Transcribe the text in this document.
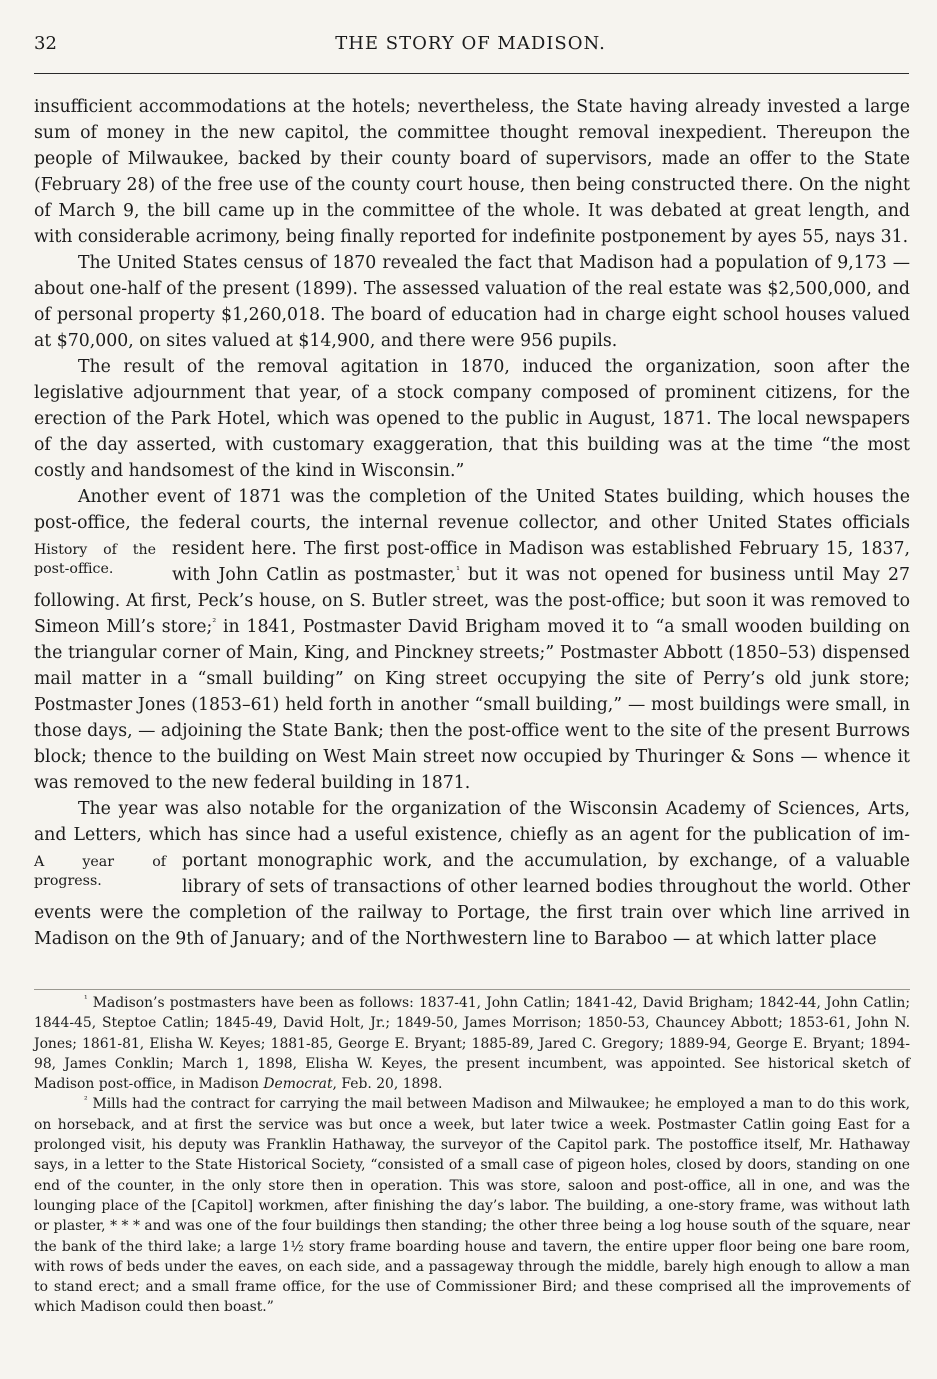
32	THE STORY OF MADISON.

insufficient accommodations at the hotels; nevertheless, the State having already invested a large sum of money in the new capitol, the committee thought removal inexpedient. Thereupon the people of Milwaukee, backed by their county board of supervisors, made an offer to the State (February 28) of the free use of the county court house, then being constructed there. On the night of March 9, the bill came up in the committee of the whole. It was debated at great length, and with considerable acrimony, being finally reported for indefinite postponement by ayes 55, nays 31.

The United States census of 1870 revealed the fact that Madison had a population of 9,173 — about one-half of the present (1899). The assessed valuation of the real estate was $2,500,000, and of personal property $1,260,018. The board of education had in charge eight school houses valued at $70,000, on sites valued at $14,900, and there were 956 pupils.

The result of the removal agitation in 1870, induced the organization, soon after the legislative adjournment that year, of a stock company composed of prominent citizens, for the erection of the Park Hotel, which was opened to the public in August, 1871. The local newspapers of the day asserted, with customary exaggeration, that this building was at the time “the most costly and handsomest of the kind in Wisconsin.”

Another event of 1871 was the completion of the United States building, which houses the post-office, the federal courts, the internal revenue collector, and other United States officials
History of the post-office.
resident here. The first post-office in Madison was established February 15, 1837, with John Catlin as postmaster,$^{^1}$ but it was not opened for business until May 27 following. At first, Peck’s house, on S. Butler street, was the post-office; but soon it was removed to Simeon Mill’s store;$^{^2}$ in 1841, Postmaster David Brigham moved it to “a small wooden building on the triangular corner of Main, King, and Pinckney streets;” Postmaster Abbott (1850–53) dispensed mail matter in a “small building” on King street occupying the site of Perry’s old junk store; Postmaster Jones (1853–61) held forth in another “small building,” — most buildings were small, in those days, — adjoining the State Bank; then the post-office went to the site of the present Burrows block; thence to the building on West Main street now occupied by Thuringer & Sons — whence it was removed to the new federal building in 1871.

The year was also notable for the organization of the Wisconsin Academy of Sciences, Arts, and Letters, which has since had a useful existence, chiefly as an agent for the publication of im-
A year of progress.
portant monographic work, and the accumulation, by exchange, of a valuable library of sets of transactions of other learned bodies throughout the world. Other events were the completion of the railway to Portage, the first train over which line arrived in Madison on the 9th of January; and of the Northwestern line to Baraboo — at which latter place

$^{^1}$ Madison’s postmasters have been as follows: 1837-41, John Catlin; 1841-42, David Brigham; 1842-44, John Catlin; 1844-45, Steptoe Catlin; 1845-49, David Holt, Jr.; 1849-50, James Morrison; 1850-53, Chauncey Abbott; 1853-61, John N. Jones; 1861-81, Elisha W. Keyes; 1881-85, George E. Bryant; 1885-89, Jared C. Gregory; 1889-94, George E. Bryant; 1894-98, James Conklin; March 1, 1898, Elisha W. Keyes, the present incumbent, was appointed. See historical sketch of Madison post-office, in Madison Democrat, Feb. 20, 1898.

$^{^2}$ Mills had the contract for carrying the mail between Madison and Milwaukee; he employed a man to do this work, on horseback, and at first the service was but once a week, but later twice a week. Postmaster Catlin going East for a prolonged visit, his deputy was Franklin Hathaway, the surveyor of the Capitol park. The postoffice itself, Mr. Hathaway says, in a letter to the State Historical Society, “consisted of a small case of pigeon holes, closed by doors, standing on one end of the counter, in the only store then in operation. This was store, saloon and post-office, all in one, and was the lounging place of the [Capitol] workmen, after finishing the day’s labor. The building, a one-story frame, was without lath or plaster, * * * and was one of the four buildings then standing; the other three being a log house south of the square, near the bank of the third lake; a large 1½ story frame boarding house and tavern, the entire upper floor being one bare room, with rows of beds under the eaves, on each side, and a passageway through the middle, barely high enough to allow a man to stand erect; and a small frame office, for the use of Commissioner Bird; and these comprised all the improvements of which Madison could then boast.”
